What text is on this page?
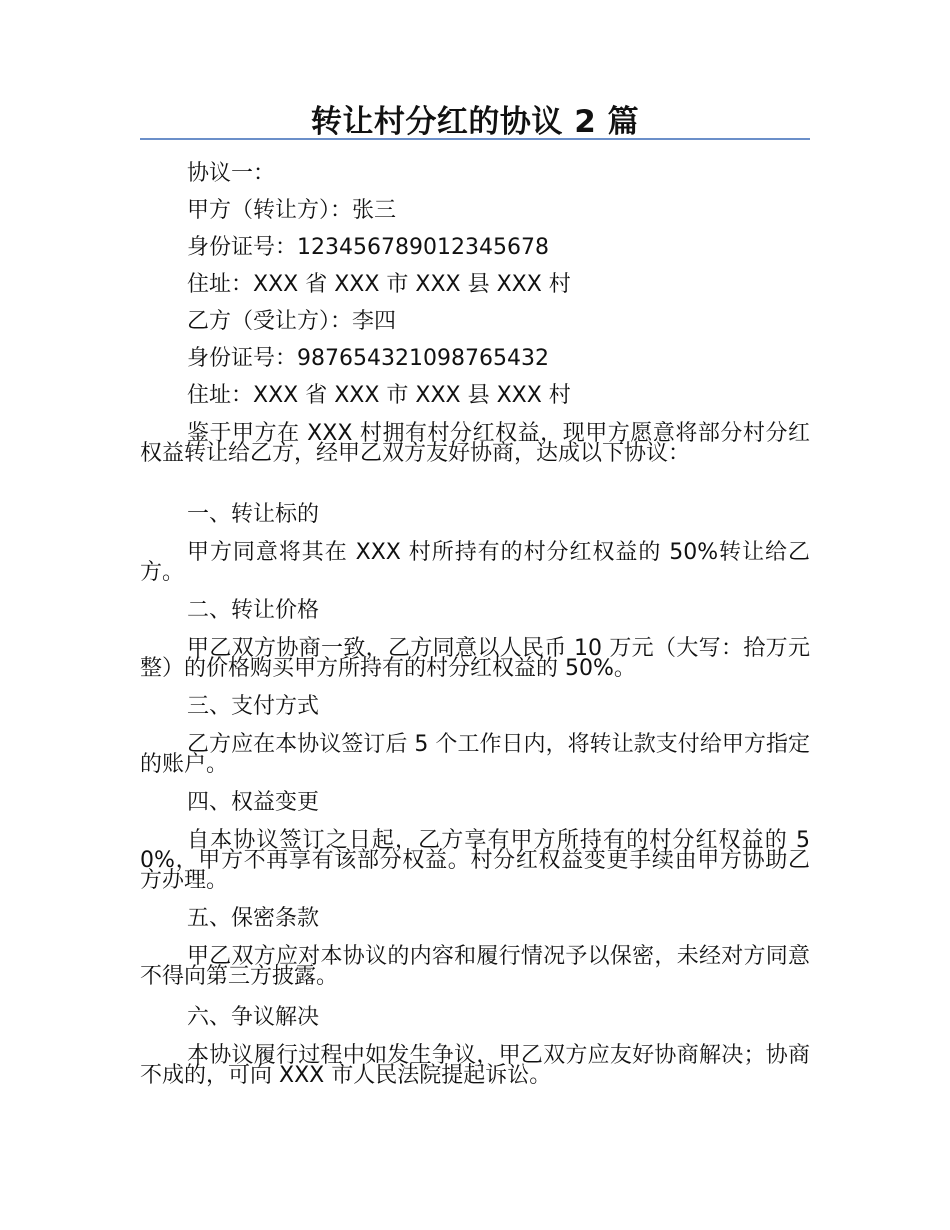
转让村分红的协议 2 篇
协议一：
甲方（转让方）：张三
身份证号：123456789012345678
住址：XXX 省 XXX 市 XXX 县 XXX 村
乙方（受让方）：李四
身份证号：987654321098765432
住址：XXX 省 XXX 市 XXX 县 XXX 村
鉴于甲方在 XXX 村拥有村分红权益，现甲方愿意将部分村分红权益转让给乙方，经甲乙双方友好协商，达成以下协议：
一、转让标的
甲方同意将其在 XXX 村所持有的村分红权益的 50%转让给乙方。
二、转让价格
甲乙双方协商一致，乙方同意以人民币 10 万元（大写：拾万元整）的价格购买甲方所持有的村分红权益的 50%。
三、支付方式
乙方应在本协议签订后 5 个工作日内，将转让款支付给甲方指定的账户。
四、权益变更
自本协议签订之日起，乙方享有甲方所持有的村分红权益的 50%，甲方不再享有该部分权益。村分红权益变更手续由甲方协助乙方办理。
五、保密条款
甲乙双方应对本协议的内容和履行情况予以保密，未经对方同意不得向第三方披露。
六、争议解决
本协议履行过程中如发生争议，甲乙双方应友好协商解决；协商不成的，可向 XXX 市人民法院提起诉讼。
